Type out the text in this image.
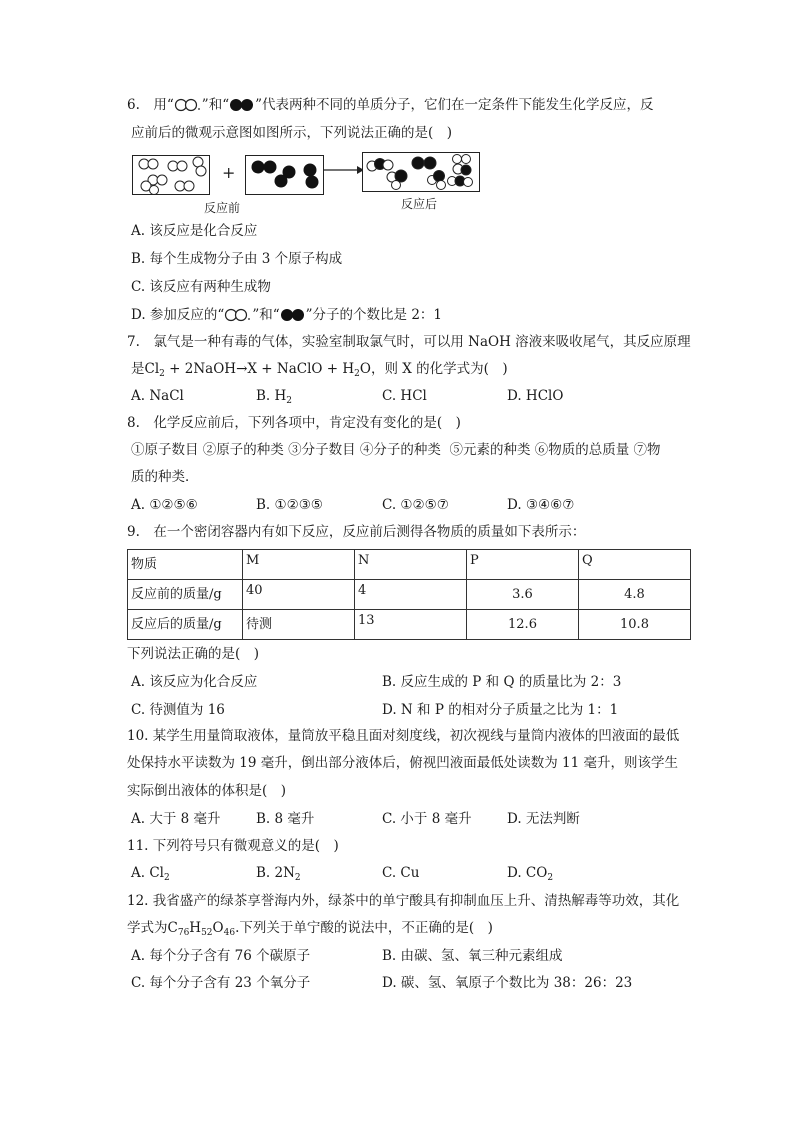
6.　用“ ”和“ ”代表两种不同的单质分子，它们在一定条件下能发生化学反应，反
应前后的微观示意图如图所示，下列说法正确的是(　)
+
反应前	反应后
A. 该反应是化合反应
B. 每个生成物分子由 3 个原子构成
C. 该反应有两种生成物
D. 参加反应的“ ”和“ ”分子的个数比是 2：1
7.　氯气是一种有毒的气体，实验室制取氯气时，可以用 NaOH 溶液来吸收尾气，其反应原理
是$Cl_2$ + 2NaOH→X + NaClO + $H_2O$，则 X 的化学式为(　)
A. NaCl	B. $H_2$	C. HCl	D. HClO
8.　化学反应前后，下列各项中，肯定没有变化的是(　)
①原子数目 ②原子的种类 ③分子数目 ④分子的种类  ⑤元素的种类 ⑥物质的总质量 ⑦物
质的种类．
A. ①②⑤⑥	B. ①②③⑤	C. ①②⑤⑦	D. ③④⑥⑦
9.　在一个密闭容器内有如下反应，反应前后测得各物质的质量如下表所示：
物质	M	N	P	Q
反应前的质量/g	40	4	3.6	4.8
反应后的质量/g	待测	13	12.6	10.8
下列说法正确的是(　)
A. 该反应为化合反应	B. 反应生成的 P 和 Q 的质量比为 2：3
C. 待测值为 16	D. N 和 P 的相对分子质量之比为 1：1
10. 某学生用量筒取液体，量筒放平稳且面对刻度线，初次视线与量筒内液体的凹液面的最低
处保持水平读数为 19 毫升，倒出部分液体后，俯视凹液面最低处读数为 11 毫升，则该学生
实际倒出液体的体积是(　)
A. 大于 8 毫升	B. 8 毫升	C. 小于 8 毫升	D. 无法判断
11. 下列符号只有微观意义的是(　)
A. $Cl_2$	B. $2N_2$	C. Cu	D. $CO_2$
12. 我省盛产的绿茶享誉海内外，绿茶中的单宁酸具有抑制血压上升、清热解毒等功效，其化
学式为$C_{76}H_{52}O_{46}$.下列关于单宁酸的说法中，不正确的是(　)
A. 每个分子含有 76 个碳原子	B. 由碳、氢、氧三种元素组成
C. 每个分子含有 23 个氧分子	D. 碳、氢、氧原子个数比为 38：26：23
